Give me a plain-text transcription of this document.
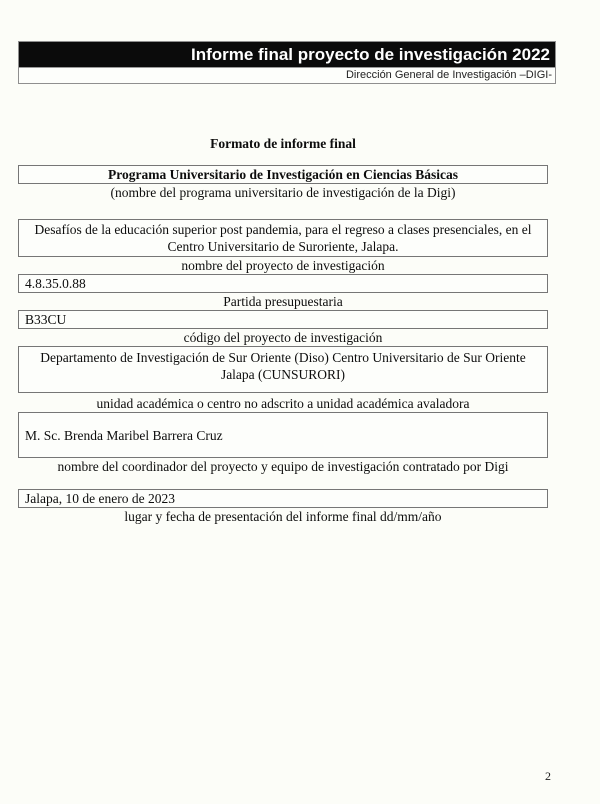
Informe final proyecto de investigación 2022
Dirección General de Investigación –DIGI-
Formato de informe final
Programa Universitario de Investigación en Ciencias Básicas
(nombre del programa universitario de investigación de la Digi)
Desafíos de la educación superior post pandemia, para el regreso a clases presenciales, en el Centro Universitario de Suroriente, Jalapa.
nombre del proyecto de investigación
4.8.35.0.88
Partida presupuestaria
B33CU
código del proyecto de investigación
Departamento de Investigación de Sur Oriente (Diso) Centro Universitario de Sur Oriente Jalapa (CUNSURORI)
unidad académica o centro no adscrito a unidad académica avaladora
M. Sc. Brenda Maribel Barrera Cruz
nombre del coordinador del proyecto y equipo de investigación contratado por Digi
Jalapa, 10 de enero de 2023
lugar y fecha de presentación del informe final dd/mm/año
2
